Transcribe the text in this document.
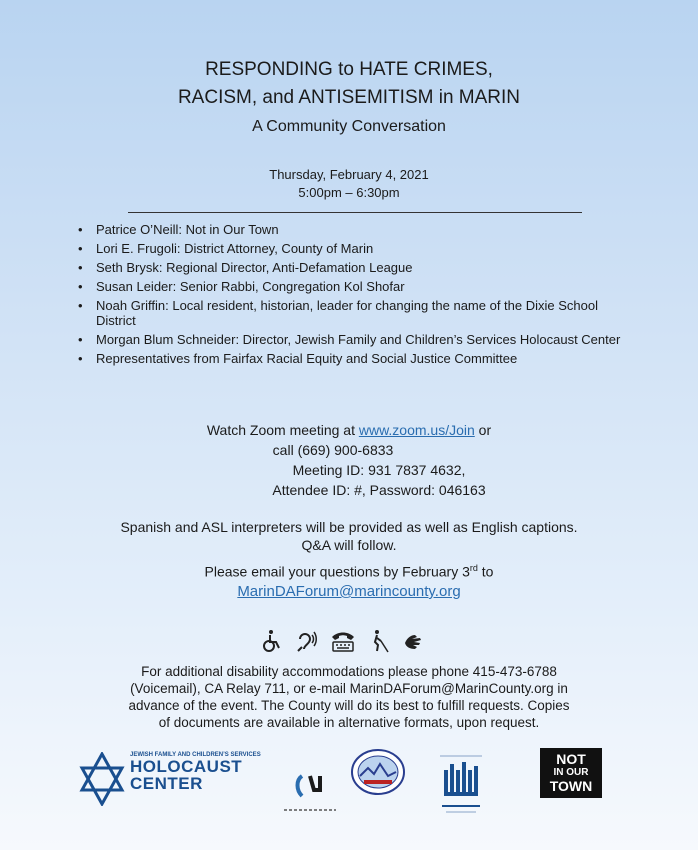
RESPONDING to HATE CRIMES,
RACISM, and ANTISEMITISM in MARIN
A Community Conversation
Thursday, February 4, 2021
5:00pm – 6:30pm
• Patrice O’Neill: Not in Our Town
• Lori E. Frugoli: District Attorney, County of Marin
• Seth Brysk: Regional Director, Anti-Defamation League
• Susan Leider: Senior Rabbi, Congregation Kol Shofar
• Noah Griffin: Local resident, historian, leader for changing the name of the Dixie School District
• Morgan Blum Schneider: Director, Jewish Family and Children’s Services Holocaust Center
• Representatives from Fairfax Racial Equity and Social Justice Committee
Watch Zoom meeting at www.zoom.us/Join or
call (669) 900-6833
Meeting ID: 931 7837 4632,
Attendee ID: #, Password: 046163
Spanish and ASL interpreters will be provided as well as English captions.
Q&A will follow.
Please email your questions by February 3rd to
MarinDAForum@marincounty.org
For additional disability accommodations please phone 415-473-6788
(Voicemail), CA Relay 711, or e-mail MarinDAForum@MarinCounty.org in
advance of the event. The County will do its best to fulfill requests. Copies
of documents are available in alternative formats, upon request.
JEWISH FAMILY AND CHILDREN’S SERVICES
HOLOCAUST
CENTER
NOT
IN OUR
TOWN
